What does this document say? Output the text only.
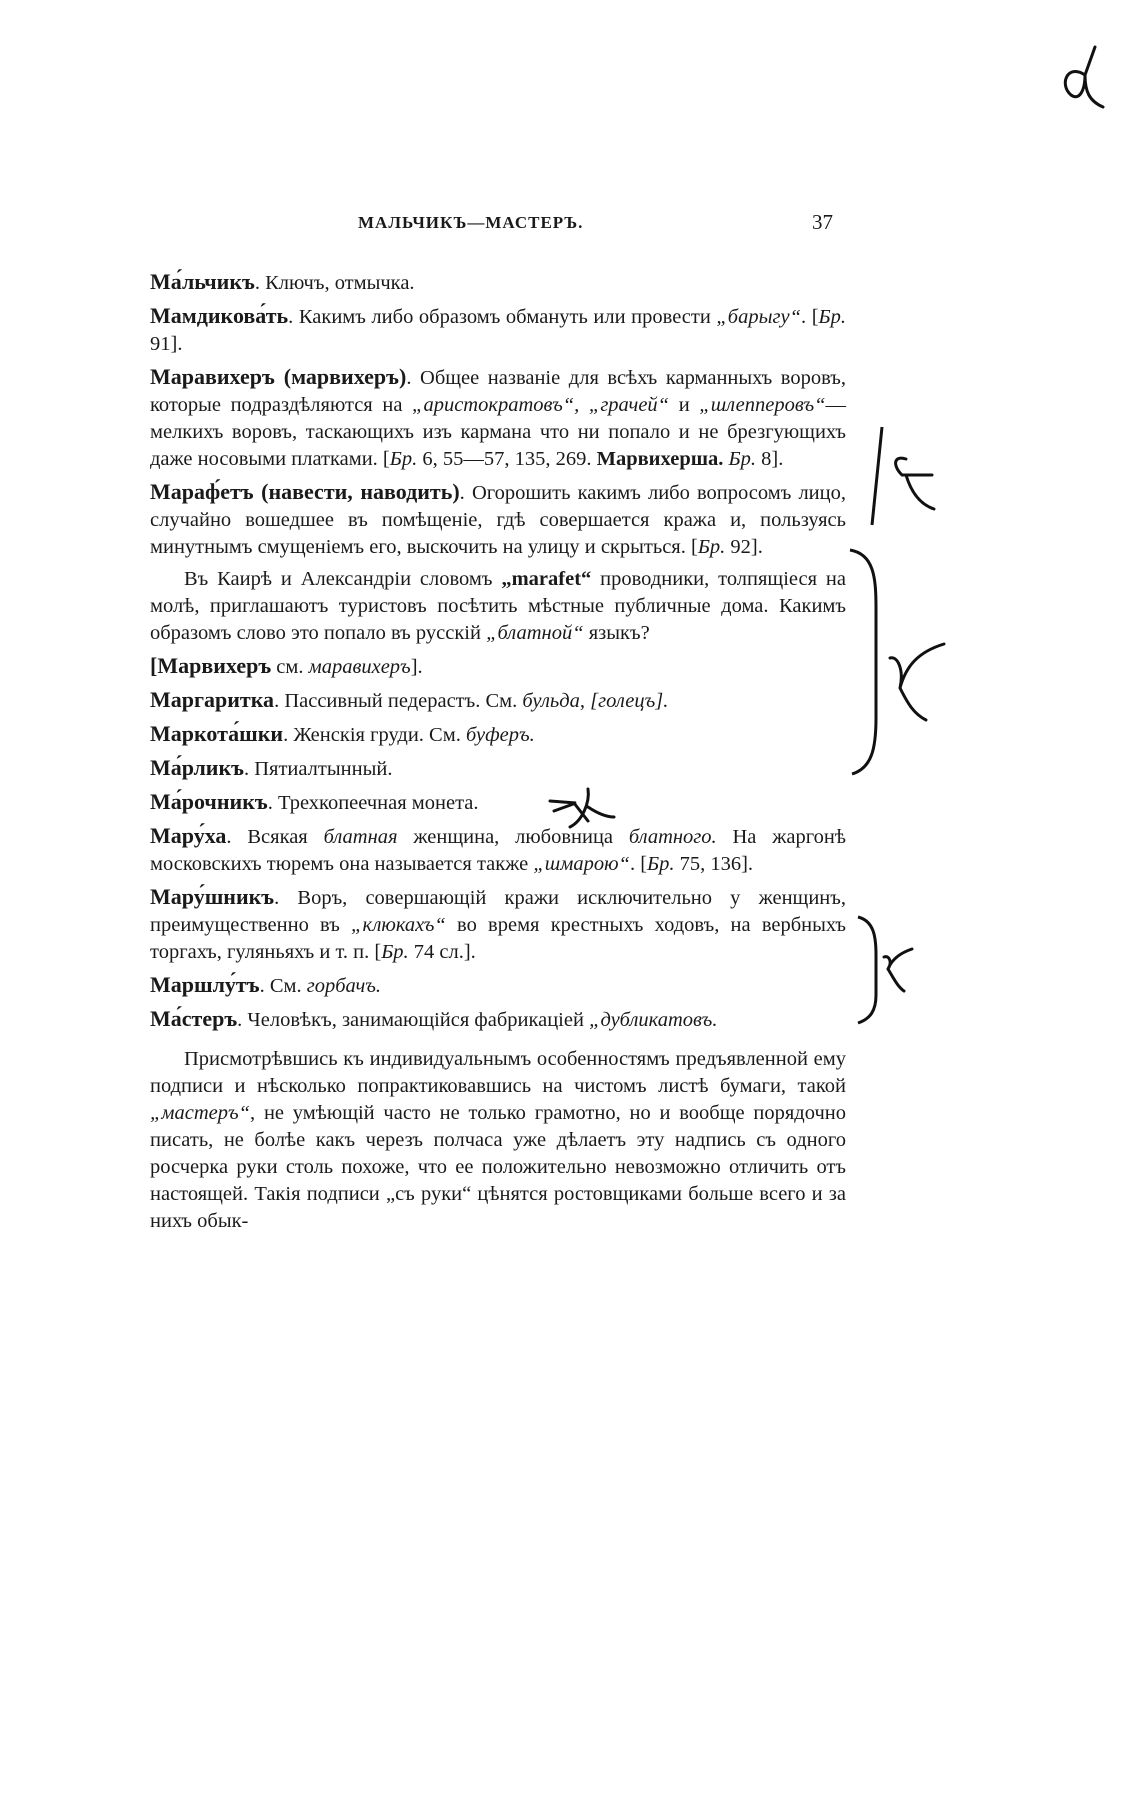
МАЛЬЧИКЪ—МАСТЕРЪ.	37

Ма́льчикъ. Ключъ, отмычка.

Мамдикова́ть. Какимъ либо образомъ обмануть или провести „барыгу“. [Бр. 91].

Маравихеръ (марвихеръ). Общее названіе для всѣхъ карманныхъ воровъ, которые подраздѣляются на „аристократовъ“, „грачей“ и „шлепперовъ“—мелкихъ воровъ, таскающихъ изъ кармана что ни попало и не брезгующихъ даже носовыми платками. [Бр. 6, 55—57, 135, 269. Марвихерша. Бр. 8].

Мараф́етъ (навести, наводить). Огорошить какимъ либо вопросомъ лицо, случайно вошедшее въ помѣщеніе, гдѣ совершается кража и, пользуясь минутнымъ смущеніемъ его, выскочить на улицу и скрыться. [Бр. 92].

Въ Каирѣ и Александріи словомъ „marafet“ проводники, толпящіеся на молѣ, приглашаютъ туристовъ посѣтить мѣстные публичные дома. Какимъ образомъ слово это попало въ русскій „блатной“ языкъ?

[Марвихеръ см. маравихеръ].

Маргаритка. Пассивный педерастъ. См. бульда, [голецъ].

Маркота́шки. Женскія груди. См. буферъ.

Ма́рликъ. Пятиалтынный.

Ма́рочникъ. Трехкопеечная монета.

Мару́ха. Всякая блатная женщина, любовница блатного. На жаргонѣ московскихъ тюремъ она называется также „шмарою“. [Бр. 75, 136].

Мару́шникъ. Воръ, совершающій кражи исключительно у женщинъ, преимущественно въ „клюкахъ“ во время крестныхъ ходовъ, на вербныхъ торгахъ, гуляньяхъ и т. п. [Бр. 74 сл.].

Маршлу́тъ. См. горбачъ.

Ма́стеръ. Человѣкъ, занимающійся фабрикаціей „дубликатовъ.

Присмотрѣвшись къ индивидуальнымъ особенностямъ предъявленной ему подписи и нѣсколько попрактиковавшись на чистомъ листѣ бумаги, такой „мастеръ“, не умѣющій часто не только грамотно, но и вообще порядочно писать, не болѣе какъ черезъ полчаса уже дѣлаетъ эту надпись съ одного росчерка руки столь похоже, что ее положительно невозможно отличить отъ настоящей. Такія подписи „съ руки“ цѣнятся ростовщиками больше всего и за нихъ обык-
